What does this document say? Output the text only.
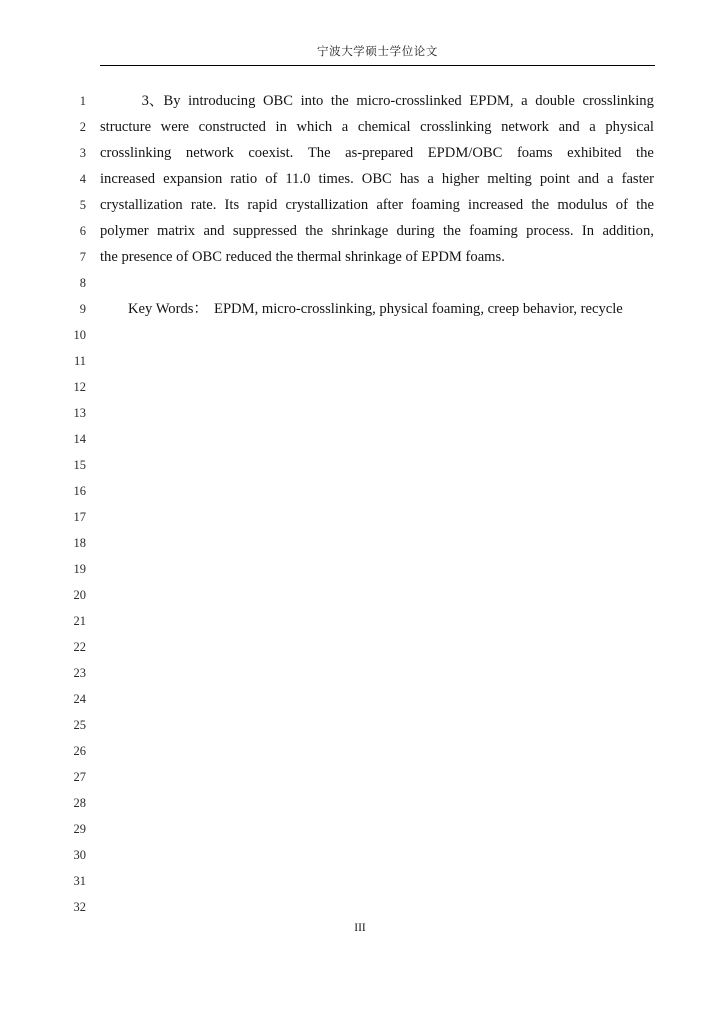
宁波大学硕士学位论文
1
2
3
4
5
6
7
8
9
10
11
12
13
14
15
16
17
18
19
20
21
22
23
24
25
26
27
28
29
30
31
32
3、By introducing OBC into the micro-crosslinked EPDM, a double crosslinking
structure were constructed in which a chemical crosslinking network and a physical
crosslinking network coexist. The as-prepared EPDM/OBC foams exhibited the
increased expansion ratio of 11.0 times. OBC has a higher melting point and a faster
crystallization rate. Its rapid crystallization after foaming increased the modulus of the
polymer matrix and suppressed the shrinkage during the foaming process. In addition,
the presence of OBC reduced the thermal shrinkage of EPDM foams.

Key Words： EPDM, micro-crosslinking, physical foaming, creep behavior, recycle
III
